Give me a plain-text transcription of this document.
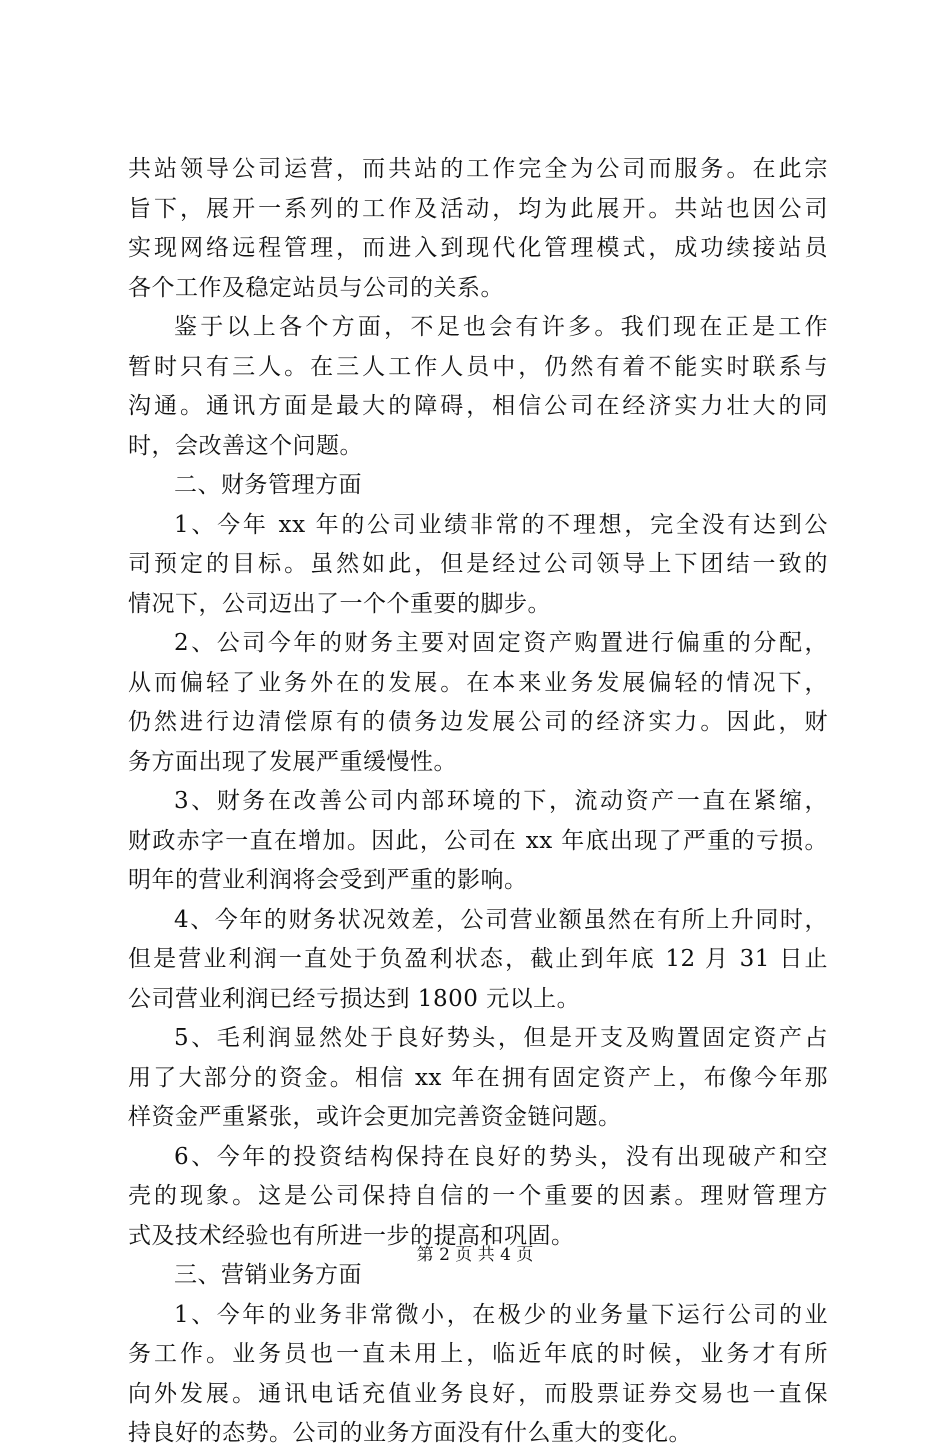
共站领导公司运营，而共站的工作完全为公司而服务。在此宗
旨下，展开一系列的工作及活动，均为此展开。共站也因公司
实现网络远程管理，而进入到现代化管理模式，成功续接站员
各个工作及稳定站员与公司的关系。
鉴于以上各个方面，不足也会有许多。我们现在正是工作
暂时只有三人。在三人工作人员中，仍然有着不能实时联系与
沟通。通讯方面是最大的障碍，相信公司在经济实力壮大的同
时，会改善这个问题。
二、财务管理方面
1、今年 xx 年的公司业绩非常的不理想，完全没有达到公
司预定的目标。虽然如此，但是经过公司领导上下团结一致的
情况下，公司迈出了一个个重要的脚步。
2、公司今年的财务主要对固定资产购置进行偏重的分配，
从而偏轻了业务外在的发展。在本来业务发展偏轻的情况下，
仍然进行边清偿原有的债务边发展公司的经济实力。因此，财
务方面出现了发展严重缓慢性。
3、财务在改善公司内部环境的下，流动资产一直在紧缩，
财政赤字一直在增加。因此，公司在 xx 年底出现了严重的亏损。
明年的营业利润将会受到严重的影响。
4、今年的财务状况效差，公司营业额虽然在有所上升同时，
但是营业利润一直处于负盈利状态，截止到年底 12 月 31 日止
公司营业利润已经亏损达到 1800 元以上。
5、毛利润显然处于良好势头，但是开支及购置固定资产占
用了大部分的资金。相信 xx 年在拥有固定资产上，布像今年那
样资金严重紧张，或许会更加完善资金链问题。
6、今年的投资结构保持在良好的势头，没有出现破产和空
壳的现象。这是公司保持自信的一个重要的因素。理财管理方
式及技术经验也有所进一步的提高和巩固。
三、营销业务方面
1、今年的业务非常微小，在极少的业务量下运行公司的业
务工作。业务员也一直未用上，临近年底的时候，业务才有所
向外发展。通讯电话充值业务良好，而股票证券交易也一直保
持良好的态势。公司的业务方面没有什么重大的变化。
第 2 页 共 4 页
